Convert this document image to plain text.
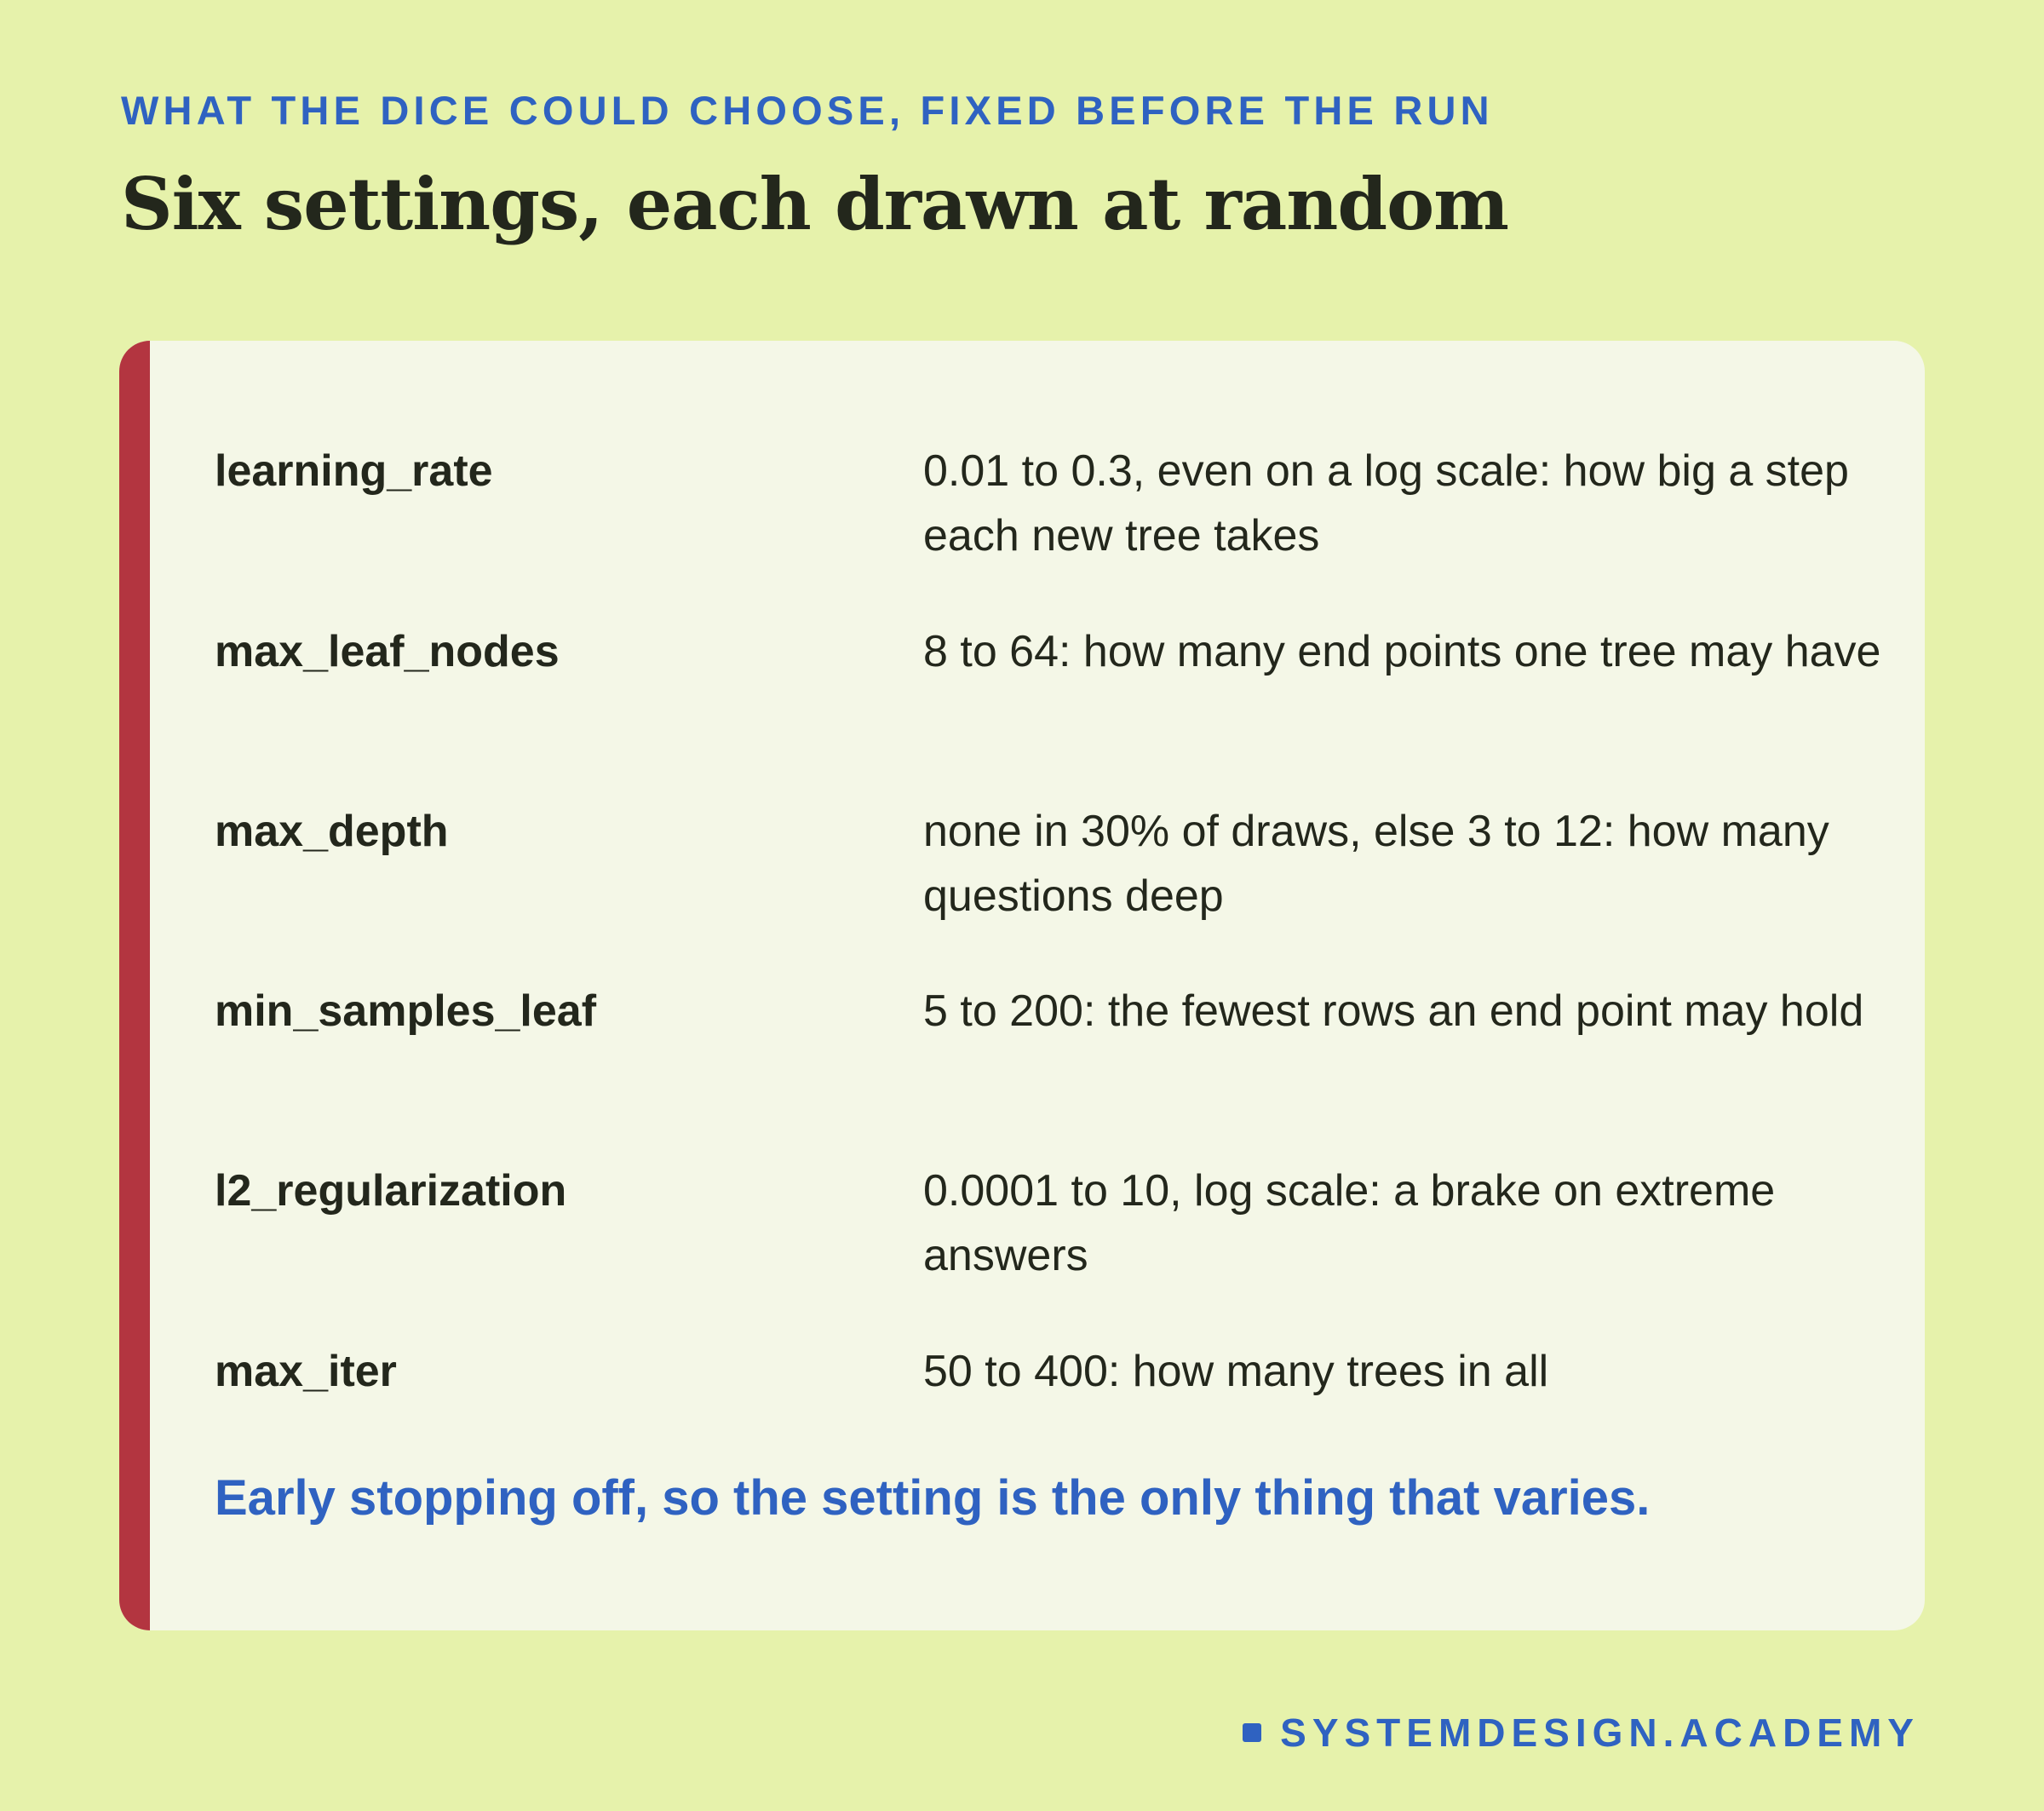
WHAT THE DICE COULD CHOOSE, FIXED BEFORE THE RUN
Six settings, each drawn at random
learning_rate	0.01 to 0.3, even on a log scale: how big a step each new tree takes
max_leaf_nodes	8 to 64: how many end points one tree may have
max_depth	none in 30% of draws, else 3 to 12: how many questions deep
min_samples_leaf	5 to 200: the fewest rows an end point may hold
l2_regularization	0.0001 to 10, log scale: a brake on extreme answers
max_iter	50 to 400: how many trees in all
Early stopping off, so the setting is the only thing that varies.
SYSTEMDESIGN.ACADEMY
